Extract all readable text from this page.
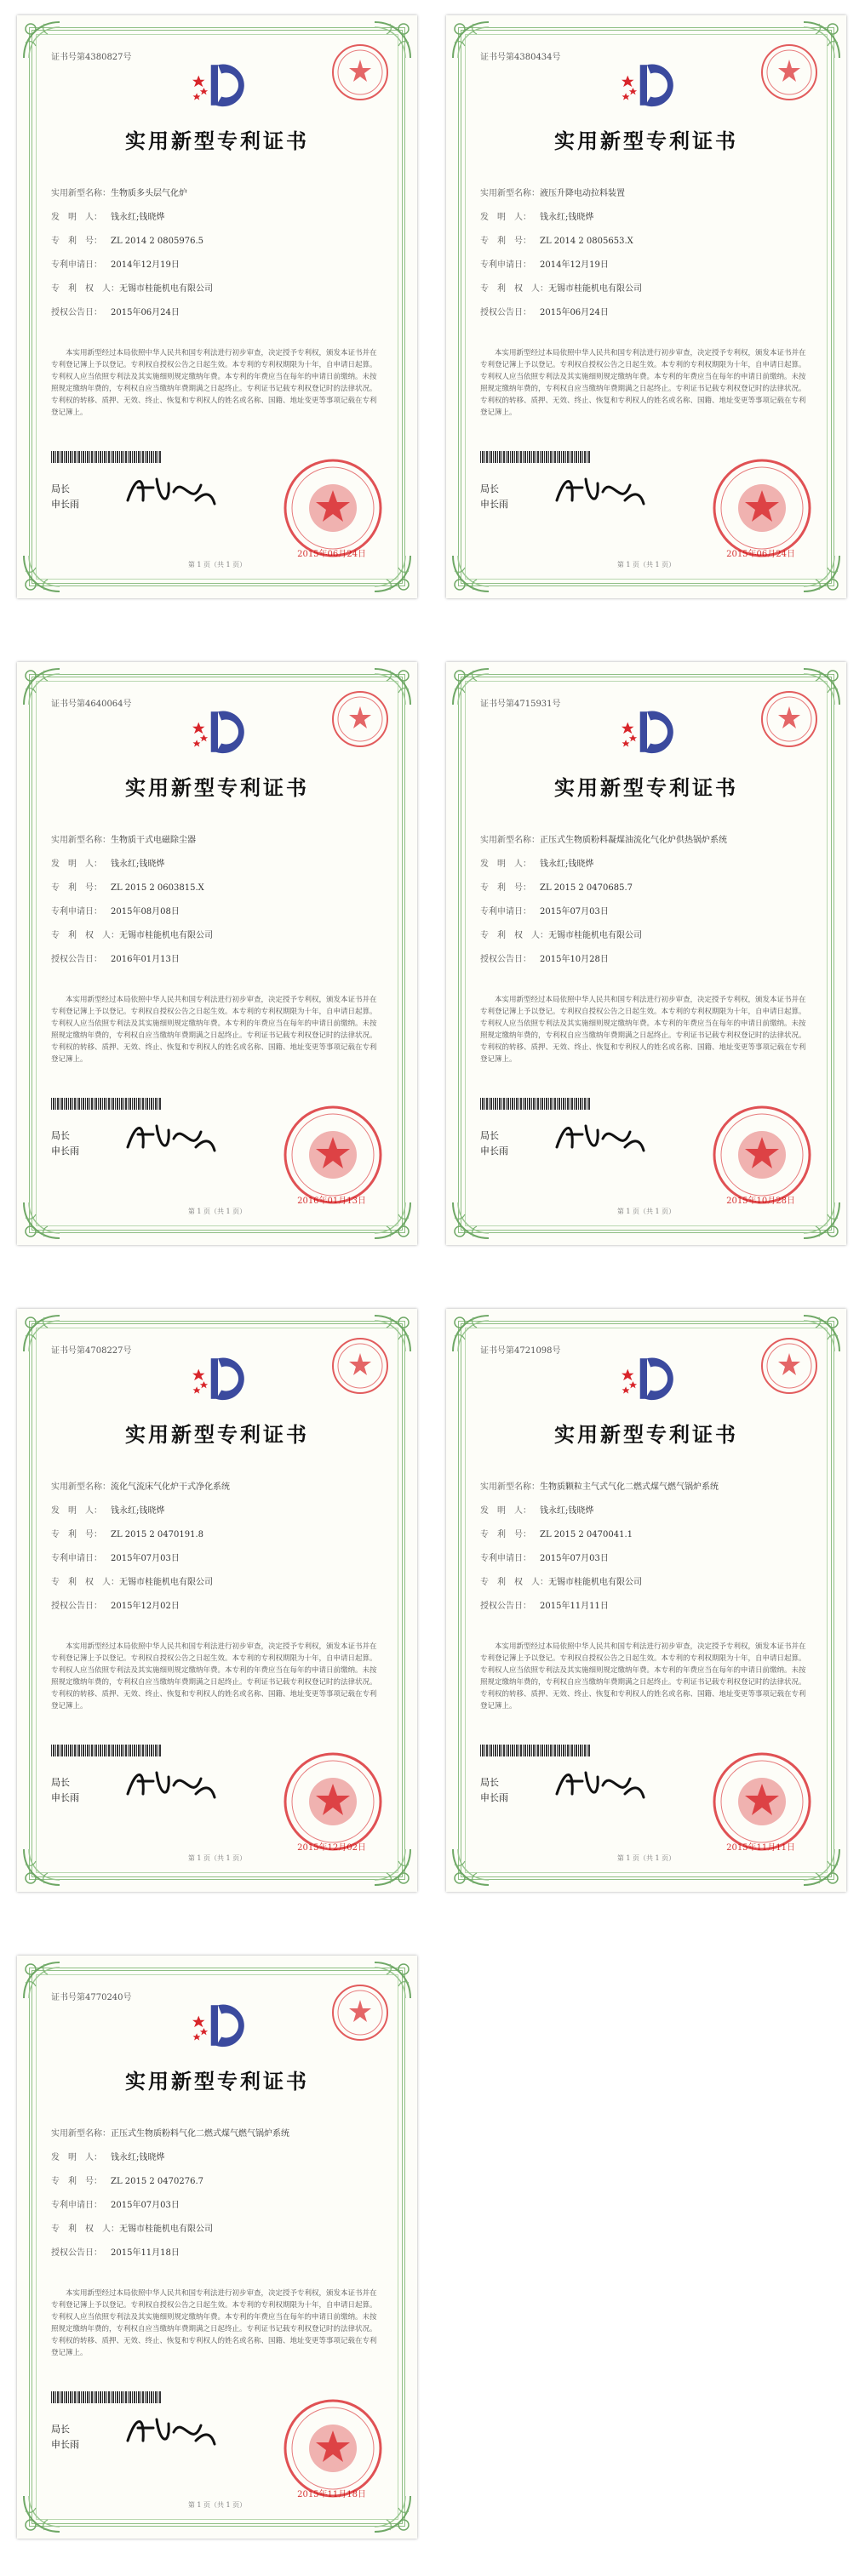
证书号第4380827号
实用新型专利证书
实用新型名称：生物质多头层气化炉
发　明　人： 钱永红;钱晓烨
专　利　号： ZL 2014 2 0805976.5
专利申请日： 2014年12月19日
专　利　权　人：无锡市桂能机电有限公司
授权公告日： 2015年06月24日
本实用新型经过本局依照中华人民共和国专利法进行初步审查，决定授予专利权，颁发本证书并在专利登记簿上予以登记。专利权自授权公告之日起生效。本专利的专利权期限为十年，自申请日起算。专利权人应当依照专利法及其实施细则规定缴纳年费。本专利的年费应当在每年的申请日前缴纳。未按照规定缴纳年费的，专利权自应当缴纳年费期满之日起终止。专利证书记载专利权登记时的法律状况。专利权的转移、质押、无效、终止、恢复和专利权人的姓名或名称、国籍、地址变更等事项记载在专利登记簿上。
局长
申长雨
2015年06月24日
第 1 页（共 1 页）
证书号第4380434号
实用新型专利证书
实用新型名称：液压升降电动拉料装置
发　明　人： 钱永红;钱晓烨
专　利　号： ZL 2014 2 0805653.X
专利申请日： 2014年12月19日
专　利　权　人：无锡市桂能机电有限公司
授权公告日： 2015年06月24日
本实用新型经过本局依照中华人民共和国专利法进行初步审查，决定授予专利权，颁发本证书并在专利登记簿上予以登记。专利权自授权公告之日起生效。本专利的专利权期限为十年，自申请日起算。专利权人应当依照专利法及其实施细则规定缴纳年费。本专利的年费应当在每年的申请日前缴纳。未按照规定缴纳年费的，专利权自应当缴纳年费期满之日起终止。专利证书记载专利权登记时的法律状况。专利权的转移、质押、无效、终止、恢复和专利权人的姓名或名称、国籍、地址变更等事项记载在专利登记簿上。
局长
申长雨
2015年06月24日
第 1 页（共 1 页）
证书号第4640064号
实用新型专利证书
实用新型名称：生物质干式电磁除尘器
发　明　人： 钱永红;钱晓烨
专　利　号： ZL 2015 2 0603815.X
专利申请日： 2015年08月08日
专　利　权　人：无锡市桂能机电有限公司
授权公告日： 2016年01月13日
本实用新型经过本局依照中华人民共和国专利法进行初步审查，决定授予专利权，颁发本证书并在专利登记簿上予以登记。专利权自授权公告之日起生效。本专利的专利权期限为十年，自申请日起算。专利权人应当依照专利法及其实施细则规定缴纳年费。本专利的年费应当在每年的申请日前缴纳。未按照规定缴纳年费的，专利权自应当缴纳年费期满之日起终止。专利证书记载专利权登记时的法律状况。专利权的转移、质押、无效、终止、恢复和专利权人的姓名或名称、国籍、地址变更等事项记载在专利登记簿上。
局长
申长雨
2016年01月13日
第 1 页（共 1 页）
证书号第4715931号
实用新型专利证书
实用新型名称：正压式生物质粉料凝煤油流化气化炉供热锅炉系统
发　明　人： 钱永红;钱晓烨
专　利　号： ZL 2015 2 0470685.7
专利申请日： 2015年07月03日
专　利　权　人：无锡市桂能机电有限公司
授权公告日： 2015年10月28日
本实用新型经过本局依照中华人民共和国专利法进行初步审查，决定授予专利权，颁发本证书并在专利登记簿上予以登记。专利权自授权公告之日起生效。本专利的专利权期限为十年，自申请日起算。专利权人应当依照专利法及其实施细则规定缴纳年费。本专利的年费应当在每年的申请日前缴纳。未按照规定缴纳年费的，专利权自应当缴纳年费期满之日起终止。专利证书记载专利权登记时的法律状况。专利权的转移、质押、无效、终止、恢复和专利权人的姓名或名称、国籍、地址变更等事项记载在专利登记簿上。
局长
申长雨
2015年10月28日
第 1 页（共 1 页）
证书号第4708227号
实用新型专利证书
实用新型名称：流化气流床气化炉干式净化系统
发　明　人： 钱永红;钱晓烨
专　利　号： ZL 2015 2 0470191.8
专利申请日： 2015年07月03日
专　利　权　人：无锡市桂能机电有限公司
授权公告日： 2015年12月02日
本实用新型经过本局依照中华人民共和国专利法进行初步审查，决定授予专利权，颁发本证书并在专利登记簿上予以登记。专利权自授权公告之日起生效。本专利的专利权期限为十年，自申请日起算。专利权人应当依照专利法及其实施细则规定缴纳年费。本专利的年费应当在每年的申请日前缴纳。未按照规定缴纳年费的，专利权自应当缴纳年费期满之日起终止。专利证书记载专利权登记时的法律状况。专利权的转移、质押、无效、终止、恢复和专利权人的姓名或名称、国籍、地址变更等事项记载在专利登记簿上。
局长
申长雨
2015年12月02日
第 1 页（共 1 页）
证书号第4721098号
实用新型专利证书
实用新型名称：生物质颗粒主气式气化二燃式煤气燃气锅炉系统
发　明　人： 钱永红;钱晓烨
专　利　号： ZL 2015 2 0470041.1
专利申请日： 2015年07月03日
专　利　权　人：无锡市桂能机电有限公司
授权公告日： 2015年11月11日
本实用新型经过本局依照中华人民共和国专利法进行初步审查，决定授予专利权，颁发本证书并在专利登记簿上予以登记。专利权自授权公告之日起生效。本专利的专利权期限为十年，自申请日起算。专利权人应当依照专利法及其实施细则规定缴纳年费。本专利的年费应当在每年的申请日前缴纳。未按照规定缴纳年费的，专利权自应当缴纳年费期满之日起终止。专利证书记载专利权登记时的法律状况。专利权的转移、质押、无效、终止、恢复和专利权人的姓名或名称、国籍、地址变更等事项记载在专利登记簿上。
局长
申长雨
2015年11月11日
第 1 页（共 1 页）
证书号第4770240号
实用新型专利证书
实用新型名称：正压式生物质粉料气化二燃式煤气燃气锅炉系统
发　明　人： 钱永红;钱晓烨
专　利　号： ZL 2015 2 0470276.7
专利申请日： 2015年07月03日
专　利　权　人：无锡市桂能机电有限公司
授权公告日： 2015年11月18日
本实用新型经过本局依照中华人民共和国专利法进行初步审查，决定授予专利权，颁发本证书并在专利登记簿上予以登记。专利权自授权公告之日起生效。本专利的专利权期限为十年，自申请日起算。专利权人应当依照专利法及其实施细则规定缴纳年费。本专利的年费应当在每年的申请日前缴纳。未按照规定缴纳年费的，专利权自应当缴纳年费期满之日起终止。专利证书记载专利权登记时的法律状况。专利权的转移、质押、无效、终止、恢复和专利权人的姓名或名称、国籍、地址变更等事项记载在专利登记簿上。
局长
申长雨
2015年11月18日
第 1 页（共 1 页）
